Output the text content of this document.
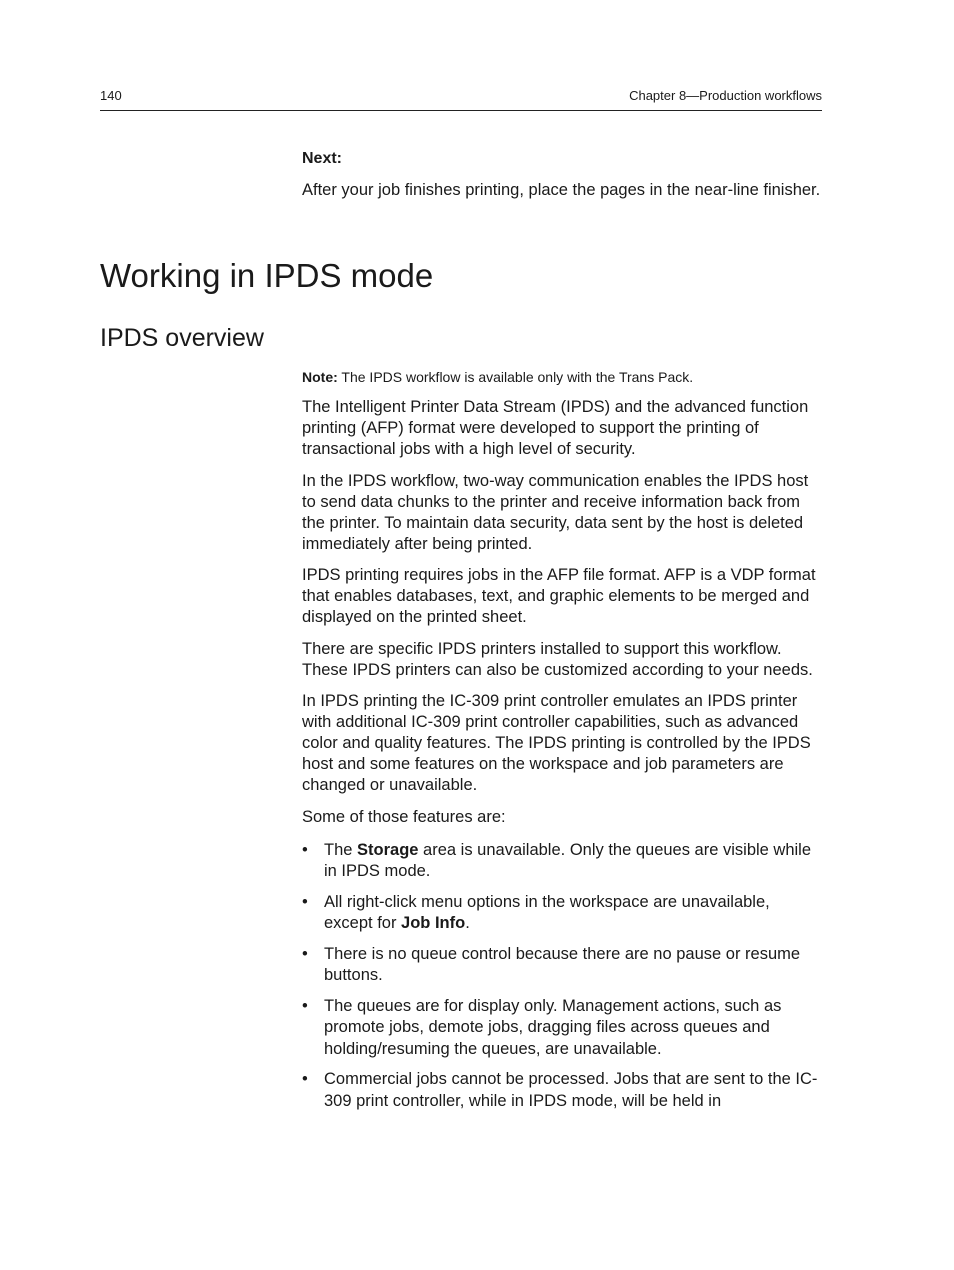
140	Chapter 8—Production workflows

Next:

After your job finishes printing, place the pages in the near-line finisher.

Working in IPDS mode
IPDS overview

Note: The IPDS workflow is available only with the Trans Pack.

The Intelligent Printer Data Stream (IPDS) and the advanced function printing (AFP) format were developed to support the printing of transactional jobs with a high level of security.

In the IPDS workflow, two-way communication enables the IPDS host to send data chunks to the printer and receive information back from the printer. To maintain data security, data sent by the host is deleted immediately after being printed.

IPDS printing requires jobs in the AFP file format. AFP is a VDP format that enables databases, text, and graphic elements to be merged and displayed on the printed sheet.

There are specific IPDS printers installed to support this workflow. These IPDS printers can also be customized according to your needs.

In IPDS printing the IC-309 print controller emulates an IPDS printer with additional IC-309 print controller capabilities, such as advanced color and quality features. The IPDS printing is controlled by the IPDS host and some features on the workspace and job parameters are changed or unavailable.

Some of those features are:

• The Storage area is unavailable. Only the queues are visible while in IPDS mode.
• All right-click menu options in the workspace are unavailable, except for Job Info.
• There is no queue control because there are no pause or resume buttons.
• The queues are for display only. Management actions, such as promote jobs, demote jobs, dragging files across queues and holding/resuming the queues, are unavailable.
• Commercial jobs cannot be processed. Jobs that are sent to the IC-309 print controller, while in IPDS mode, will be held in
